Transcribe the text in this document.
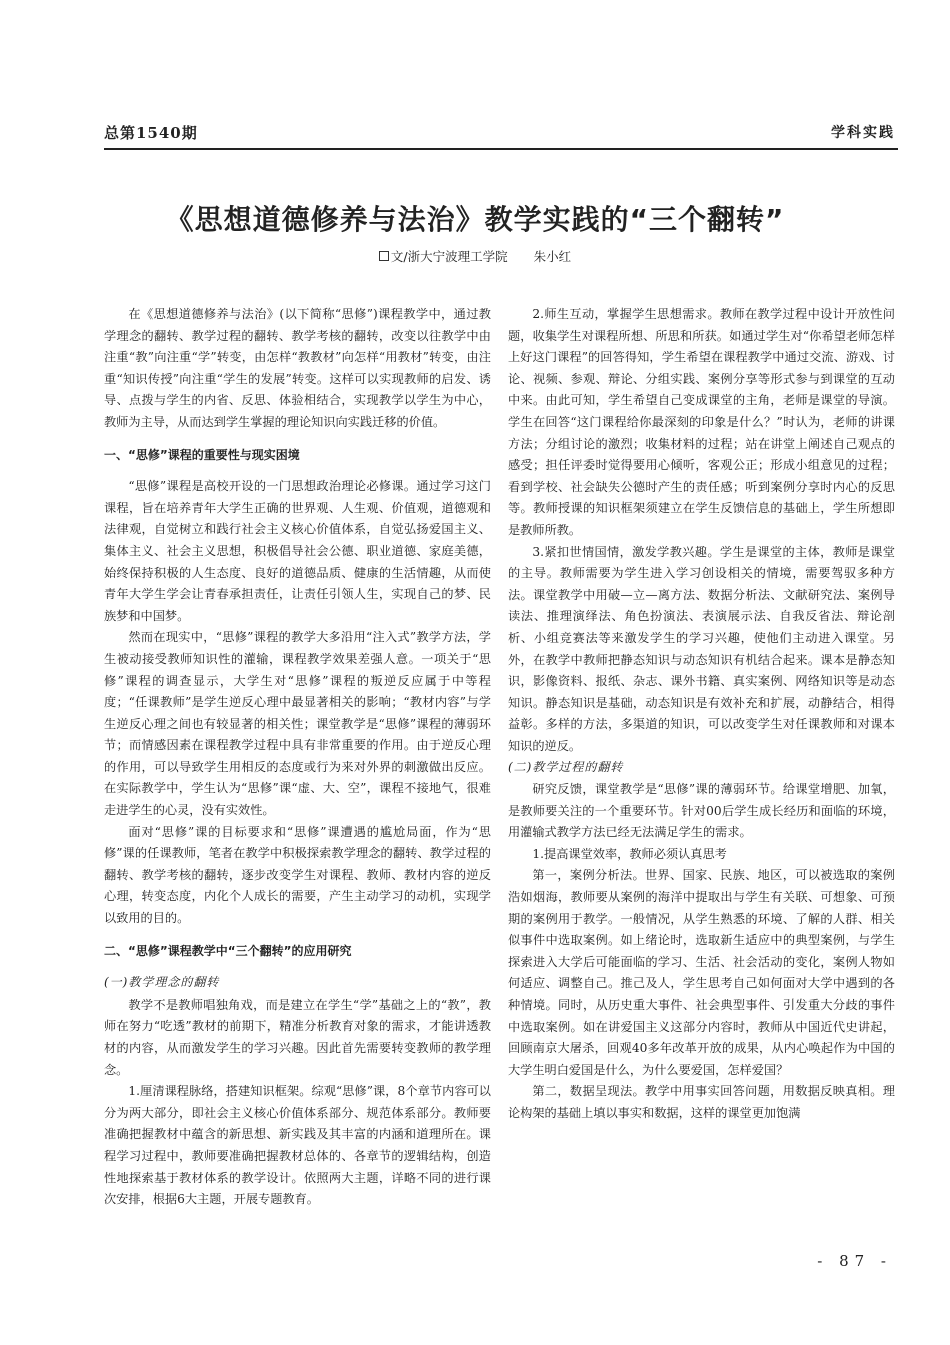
总第1540期	学科实践
《思想道德修养与法治》教学实践的“三个翻转”
文/浙大宁波理工学院 朱小红

在《思想道德修养与法治》(以下简称“思修”)课程教学中，通过教学理念的翻转、教学过程的翻转、教学考核的翻转，改变以往教学中由注重“教”向注重“学”转变，由怎样“教教材”向怎样“用教材”转变，由注重“知识传授”向注重“学生的发展”转变。这样可以实现教师的启发、诱导、点拨与学生的内省、反思、体验相结合，实现教学以学生为中心，教师为主导，从而达到学生掌握的理论知识向实践迁移的价值。

一、“思修”课程的重要性与现实困境

“思修”课程是高校开设的一门思想政治理论必修课。通过学习这门课程，旨在培养青年大学生正确的世界观、人生观、价值观，道德观和法律观，自觉树立和践行社会主义核心价值体系，自觉弘扬爱国主义、集体主义、社会主义思想，积极倡导社会公德、职业道德、家庭美德，始终保持积极的人生态度、良好的道德品质、健康的生活情趣，从而使青年大学生学会让青春承担责任，让责任引领人生，实现自己的梦、民族梦和中国梦。

然而在现实中，“思修”课程的教学大多沿用“注入式”教学方法，学生被动接受教师知识性的灌输，课程教学效果差强人意。一项关于“思修”课程的调查显示，大学生对“思修”课程的叛逆反应属于中等程度；“任课教师”是学生逆反心理中最显著相关的影响；“教材内容”与学生逆反心理之间也有较显著的相关性；课堂教学是“思修”课程的薄弱环节；而情感因素在课程教学过程中具有非常重要的作用。由于逆反心理的作用，可以导致学生用相反的态度或行为来对外界的刺激做出反应。在实际教学中，学生认为“思修”课“虚、大、空”，课程不接地气，很难走进学生的心灵，没有实效性。

面对“思修”课的目标要求和“思修”课遭遇的尴尬局面，作为“思修”课的任课教师，笔者在教学中积极探索教学理念的翻转、教学过程的翻转、教学考核的翻转，逐步改变学生对课程、教师、教材内容的逆反心理，转变态度，内化个人成长的需要，产生主动学习的动机，实现学以致用的目的。

二、“思修”课程教学中“三个翻转”的应用研究

(一)教学理念的翻转

教学不是教师唱独角戏，而是建立在学生“学”基础之上的“教”，教师在努力“吃透”教材的前期下，精准分析教育对象的需求，才能讲透教材的内容，从而激发学生的学习兴趣。因此首先需要转变教师的教学理念。

1.厘清课程脉络，搭建知识框架。综观“思修”课，8个章节内容可以分为两大部分，即社会主义核心价值体系部分、规范体系部分。教师要准确把握教材中蕴含的新思想、新实践及其丰富的内涵和道理所在。课程学习过程中，教师要准确把握教材总体的、各章节的逻辑结构，创造性地探索基于教材体系的教学设计。依照两大主题，详略不同的进行课次安排，根据6大主题，开展专题教育。

2.师生互动，掌握学生思想需求。教师在教学过程中设计开放性问题，收集学生对课程所想、所思和所获。如通过学生对“你希望老师怎样上好这门课程”的回答得知，学生希望在课程教学中通过交流、游戏、讨论、视频、参观、辩论、分组实践、案例分享等形式参与到课堂的互动中来。由此可知，学生希望自己变成课堂的主角，老师是课堂的导演。学生在回答“这门课程给你最深刻的印象是什么？”时认为，老师的讲课方法；分组讨论的激烈；收集材料的过程；站在讲堂上阐述自己观点的感受；担任评委时觉得要用心倾听，客观公正；形成小组意见的过程；看到学校、社会缺失公德时产生的责任感；听到案例分享时内心的反思等。教师授课的知识框架须建立在学生反馈信息的基础上，学生所想即是教师所教。

3.紧扣世情国情，激发学教兴趣。学生是课堂的主体，教师是课堂的主导。教师需要为学生进入学习创设相关的情境，需要驾驭多种方法。课堂教学中用破—立—离方法、数据分析法、文献研究法、案例导读法、推理演绎法、角色扮演法、表演展示法、自我反省法、辩论剖析、小组竞赛法等来激发学生的学习兴趣，使他们主动进入课堂。另外，在教学中教师把静态知识与动态知识有机结合起来。课本是静态知识，影像资料、报纸、杂志、课外书籍、真实案例、网络知识等是动态知识。静态知识是基础，动态知识是有效补充和扩展，动静结合，相得益彰。多样的方法，多渠道的知识，可以改变学生对任课教师和对课本知识的逆反。

(二)教学过程的翻转

研究反馈，课堂教学是“思修”课的薄弱环节。给课堂增肥、加氧，是教师要关注的一个重要环节。针对00后学生成长经历和面临的环境，用灌输式教学方法已经无法满足学生的需求。

1.提高课堂效率，教师必须认真思考

第一，案例分析法。世界、国家、民族、地区，可以被选取的案例浩如烟海，教师要从案例的海洋中提取出与学生有关联、可想象、可预期的案例用于教学。一般情况，从学生熟悉的环境、了解的人群、相关似事件中选取案例。如上绪论时，选取新生适应中的典型案例，与学生探索进入大学后可能面临的学习、生活、社会活动的变化，案例人物如何适应、调整自己。推己及人，学生思考自己如何面对大学中遇到的各种情境。同时，从历史重大事件、社会典型事件、引发重大分歧的事件中选取案例。如在讲爱国主义这部分内容时，教师从中国近代史讲起，回顾南京大屠杀，回观40多年改革开放的成果，从内心唤起作为中国的大学生明白爱国是什么，为什么要爱国，怎样爱国？

第二，数据呈现法。教学中用事实回答问题，用数据反映真相。理论构架的基础上填以事实和数据，这样的课堂更加饱满

- 87 -
